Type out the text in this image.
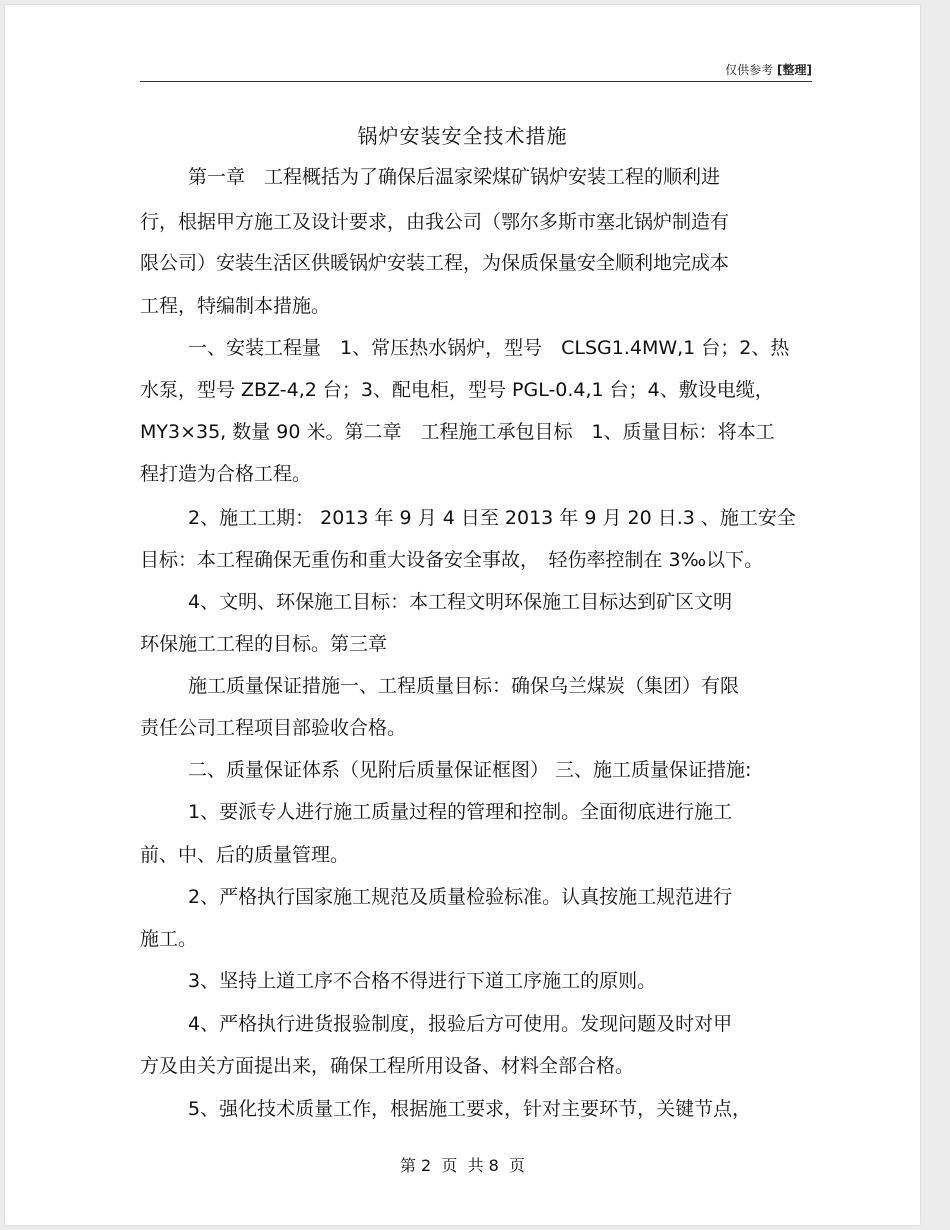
仅供参考 [整理]
锅炉安装安全技术措施
第一章　工程概括为了确保后温家梁煤矿锅炉安装工程的顺利进
行，根据甲方施工及设计要求，由我公司（鄂尔多斯市塞北锅炉制造有
限公司）安装生活区供暖锅炉安装工程，为保质保量安全顺利地完成本
工程，特编制本措施。
一、安装工程量　1、常压热水锅炉，型号　CLSG1.4MW,1 台；2、热
水泵，型号 ZBZ-4,2 台；3、配电柜，型号 PGL-0.4,1 台；4、敷设电缆，
MY3×35, 数量 90 米。第二章　工程施工承包目标　1、质量目标：将本工
程打造为合格工程。
2、施工工期： 2013 年 9 月 4 日至 2013 年 9 月 20 日.3 、施工安全
目标：本工程确保无重伤和重大设备安全事故，　轻伤率控制在 3‰以下。
4、文明、环保施工目标：本工程文明环保施工目标达到矿区文明
环保施工工程的目标。第三章
施工质量保证措施一、工程质量目标：确保乌兰煤炭（集团）有限
责任公司工程项目部验收合格。
二、质量保证体系（见附后质量保证框图） 三、施工质量保证措施:
1、要派专人进行施工质量过程的管理和控制。全面彻底进行施工
前、中、后的质量管理。
2、严格执行国家施工规范及质量检验标准。认真按施工规范进行
施工。
3、坚持上道工序不合格不得进行下道工序施工的原则。
4、严格执行进货报验制度，报验后方可使用。发现问题及时对甲
方及由关方面提出来，确保工程所用设备、材料全部合格。
5、强化技术质量工作，根据施工要求，针对主要环节，关键节点，
第 2  页  共 8  页
